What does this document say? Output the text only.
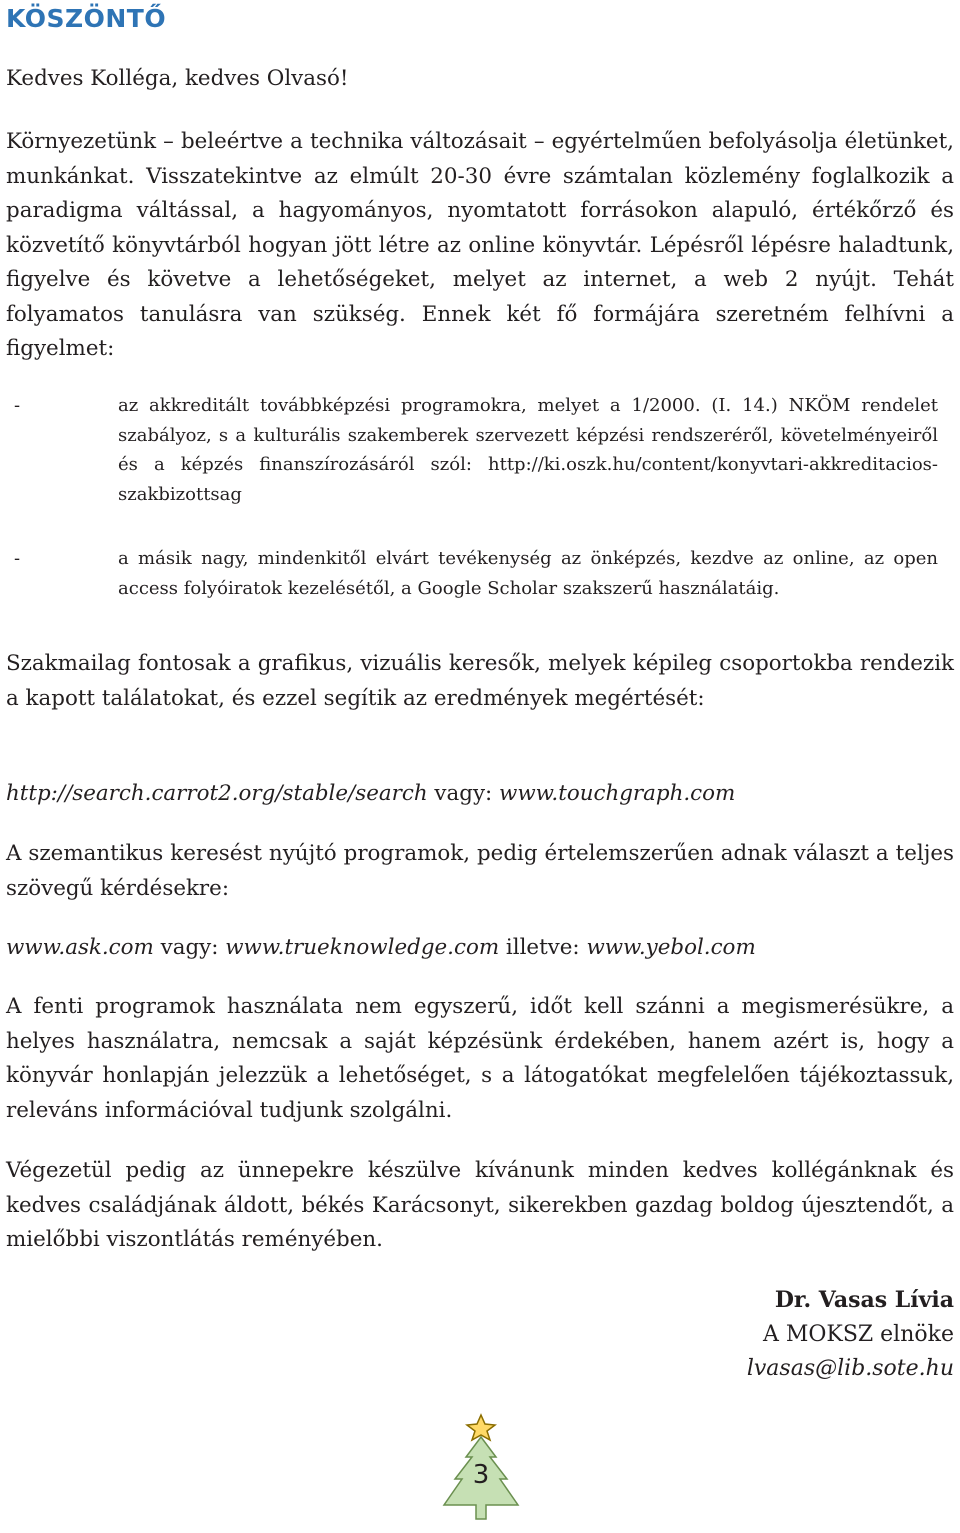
KÖSZÖNTŐ

Kedves Kolléga, kedves Olvasó!

Környezetünk – beleértve a technika változásait – egyértelműen befolyásolja életünket, munkánkat. Visszatekintve az elmúlt 20-30 évre számtalan közlemény foglalkozik a paradigma váltással, a hagyományos, nyomtatott forrásokon alapuló, értékőrző és közvetítő könyvtárból hogyan jött létre az online könyvtár. Lépésről lépésre haladtunk, figyelve és követve a lehetőségeket, melyet az internet, a web 2 nyújt. Tehát folyamatos tanulásra van szükség. Ennek két fő formájára szeretném felhívni a figyelmet:

-	az akkreditált továbbképzési programokra, melyet a 1/2000. (I. 14.) NKÖM rendelet szabályoz, s a kulturális szakemberek szervezett képzési rendszeréről, követelményeiről és a képzés finanszírozásáról szól: http://ki.oszk.hu/content/konyvtari-akkreditacios-szakbizottsag
-	a másik nagy, mindenkitől elvárt tevékenység az önképzés, kezdve az online, az open access folyóiratok kezelésétől, a Google Scholar szakszerű használatáig.

Szakmailag fontosak a grafikus, vizuális keresők, melyek képileg csoportokba rendezik a kapott találatokat, és ezzel segítik az eredmények megértését:

http://search.carrot2.org/stable/search vagy: www.touchgraph.com

A szemantikus keresést nyújtó programok, pedig értelemszerűen adnak választ a teljes szövegű kérdésekre:

www.ask.com vagy: www.trueknowledge.com illetve: www.yebol.com

A fenti programok használata nem egyszerű, időt kell szánni a megismerésükre, a helyes használatra, nemcsak a saját képzésünk érdekében, hanem azért is, hogy a könyvár honlapján jelezzük a lehetőséget, s a látogatókat megfelelően tájékoztassuk, releváns információval tudjunk szolgálni.

Végezetül pedig az ünnepekre készülve kívánunk minden kedves kollégánknak és kedves családjának áldott, békés Karácsonyt, sikerekben gazdag boldog újesztendőt, a mielőbbi viszontlátás reményében.

Dr. Vasas Lívia
A MOKSZ elnöke
lvasas@lib.sote.hu
3
